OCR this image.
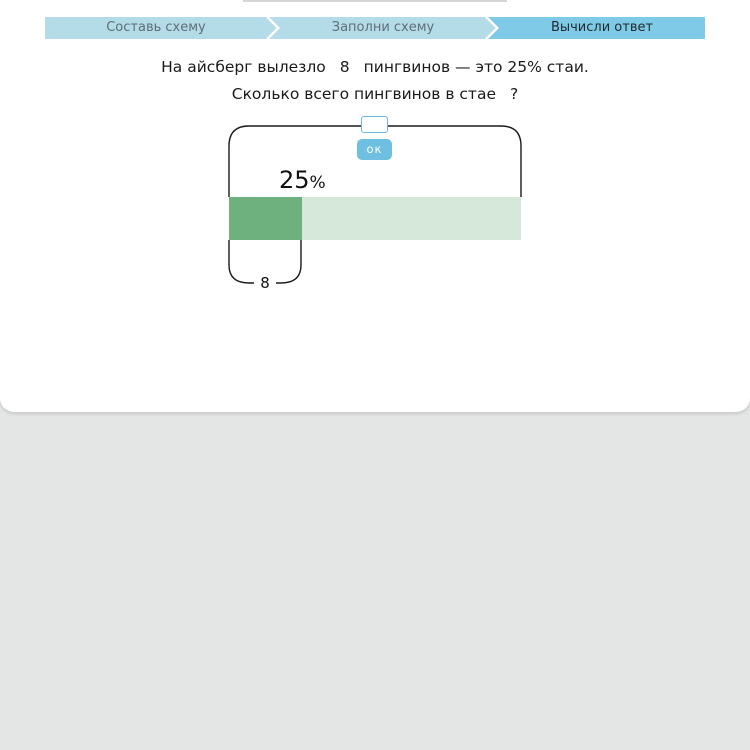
Составь схему	Заполни схему	Вычисли ответ
На айсберг вылезло 8 пингвинов — это 25% стаи.
Сколько всего пингвинов в стае ?
ок
25%
8
